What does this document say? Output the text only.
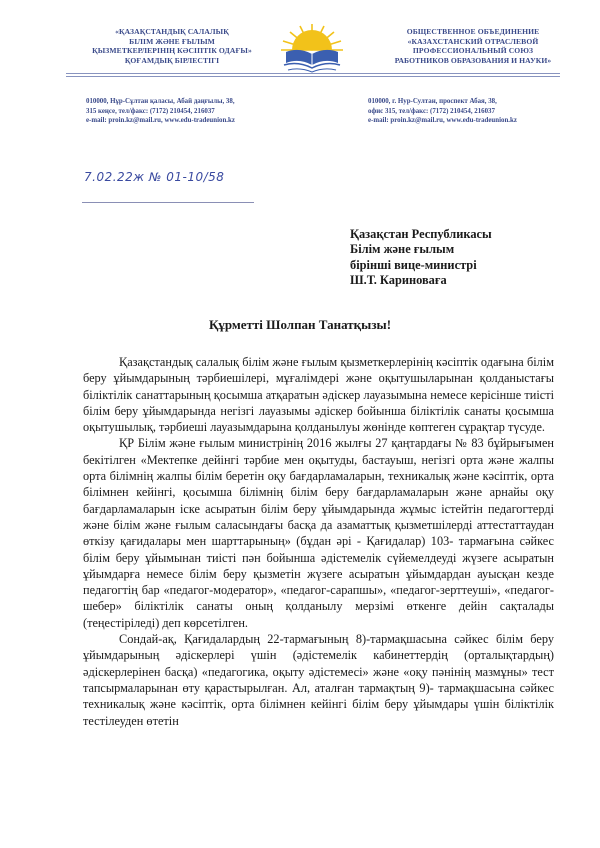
«ҚАЗАҚСТАНДЫҚ САЛАЛЫҚ
БІЛІМ ЖӘНЕ ҒЫЛЫМ
ҚЫЗМЕТКЕРЛЕРІНІҢ КӘСІПТІК ОДАҒЫ»
ҚОҒАМДЫҚ БІРЛЕСТІГІ
ОБЩЕСТВЕННОЕ ОБЪЕДИНЕНИЕ
«КАЗАХСТАНСКИЙ ОТРАСЛЕВОЙ
ПРОФЕССИОНАЛЬНЫЙ СОЮЗ
РАБОТНИКОВ ОБРАЗОВАНИЯ И НАУКИ»
010000, Нұр-Сұлтан қаласы, Абай даңғылы, 38,
315 кеңсе, тел/факс: (7172) 210454, 216037
e-mail: proin.kz@mail.ru, www.edu-tradeunion.kz
010000, г. Нур-Султан, проспект Абая, 38,
офис 315, тел/факс: (7172) 210454, 216037
e-mail: proin.kz@mail.ru, www.edu-tradeunion.kz
7.02.22ж № 01-10/58
Қазақстан Республикасы
Білім және ғылым
бірінші вице-министрі
Ш.Т. Кариноваға
Құрметті Шолпан Танатқызы!

Қазақстандық салалық білім және ғылым қызметкерлерінің кәсіптік одағына білім беру ұйымдарының тәрбиешілері, мұғалімдері және оқытушыларынан қолданыстағы біліктілік санаттарының қосымша атқаратын әдіскер лауазымына немесе керісінше тиісті білім беру ұйымдарында негізгі лауазымы әдіскер бойынша біліктілік санаты қосымша оқытушылық, тәрбиеші лауазымдарына қолданылуы жөнінде көптеген сұрақтар түсуде.

ҚР Білім және ғылым министрінің 2016 жылғы 27 қаңтардағы № 83 бұйрығымен бекітілген «Мектепке дейінгі тәрбие мен оқытуды, бастауыш, негізгі орта және жалпы орта білімнің жалпы білім беретін оқу бағдарламаларын, техникалық және кәсіптік, орта білімнен кейінгі, қосымша білімнің білім беру бағдарламаларын және арнайы оқу бағдарламаларын іске асыратын білім беру ұйымдарында жұмыс істейтін педагогтерді және білім және ғылым саласындағы басқа да азаматтық қызметшілерді аттестаттаудан өткізу қағидалары мен шарттарының» (бұдан әрі - Қағидалар) 103- тармағына сәйкес білім беру ұйымынан тиісті пән бойынша әдістемелік сүйемелдеуді жүзеге асыратын ұйымдарға немесе білім беру қызметін жүзеге асыратын ұйымдардан ауысқан кезде педагогтің бар «педагог-модератор», «педагог-сарапшы», «педагог-зерттеуші», «педагог-шебер» біліктілік санаты оның қолданылу мерзімі өткенге дейін сақталады (теңестіріледі) деп көрсетілген.

Сондай-ақ, Қағидалардың 22-тармағының 8)-тармақшасына сәйкес білім беру ұйымдарының әдіскерлері үшін (әдістемелік кабинеттердің (орталықтардың) әдіскерлерінен басқа) «педагогика, оқыту әдістемесі» және «оқу пәнінің мазмұны» тест тапсырмаларынан өту қарастырылған. Ал, аталған тармақтың 9)- тармақшасына сәйкес техникалық және кәсіптік, орта білімнен кейінгі білім беру ұйымдары үшін біліктілік тестілеуден өтетін
